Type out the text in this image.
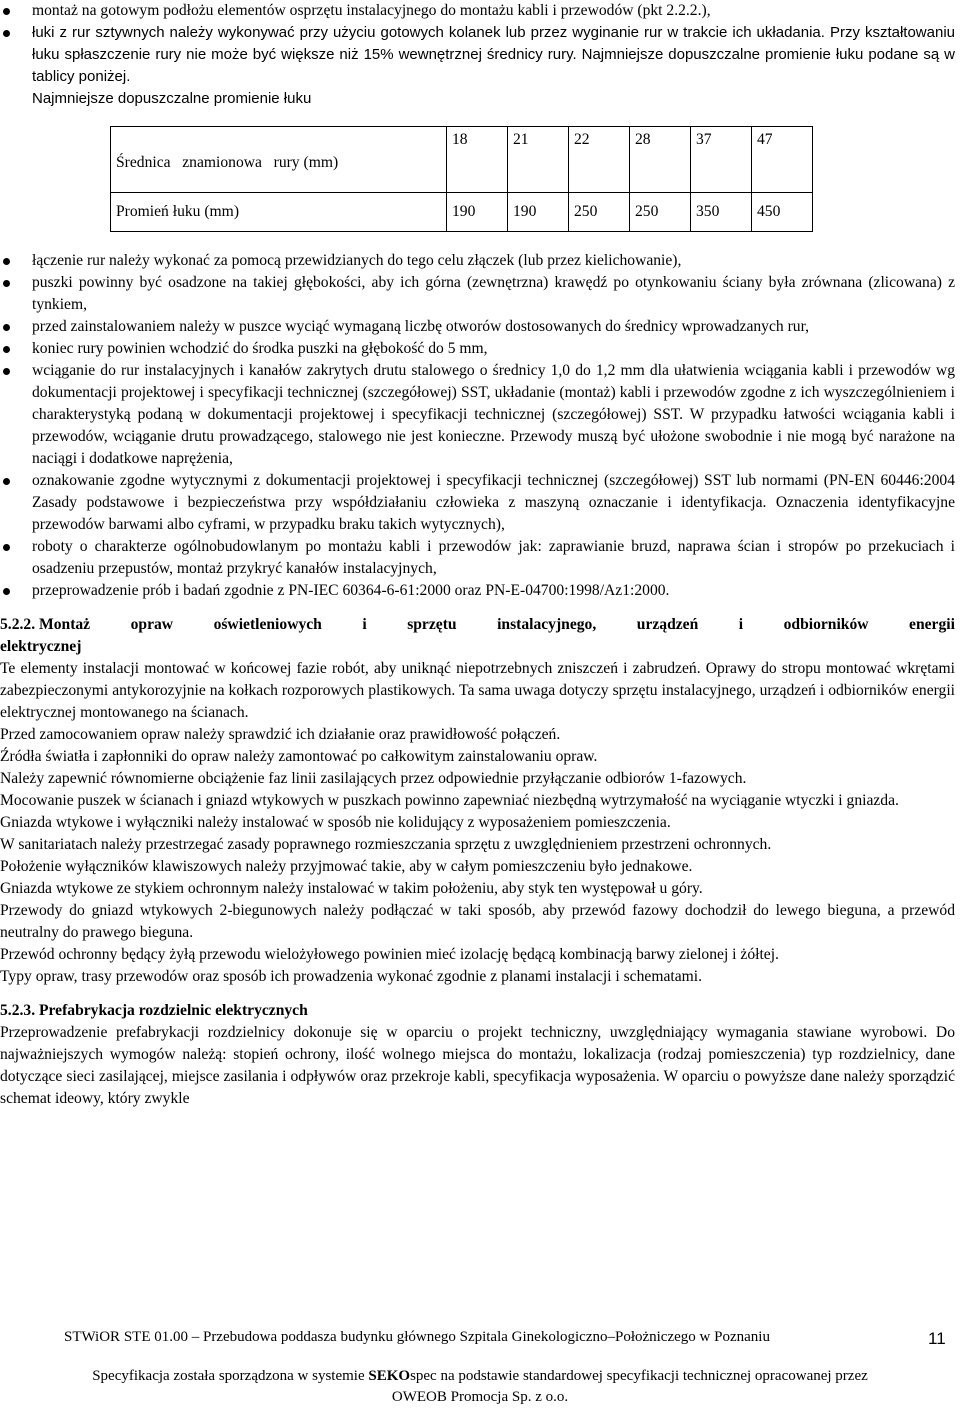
montaż na gotowym podłożu elementów osprzętu instalacyjnego do montażu kabli i przewodów (pkt 2.2.2.),
łuki z rur sztywnych należy wykonywać przy użyciu gotowych kolanek lub przez wyginanie rur w trakcie ich układania. Przy kształtowaniu łuku spłaszczenie rury nie może być większe niż 15% wewnętrznej średnicy rury. Najmniejsze dopuszczalne promienie łuku podane są w tablicy poniżej.
Najmniejsze dopuszczalne promienie łuku
Średnica   znamionowa   rury (mm)	18	21	22	28	37	47
Promień łuku (mm)	190	190	250	250	350	450
łączenie rur należy wykonać za pomocą przewidzianych do tego celu złączek (lub przez kielichowanie),
puszki powinny być osadzone na takiej głębokości, aby ich górna (zewnętrzna) krawędź po otynkowaniu ściany była zrównana (zlicowana) z tynkiem,
przed zainstalowaniem należy w puszce wyciąć wymaganą liczbę otworów dostosowanych do średnicy wprowadzanych rur,
koniec rury powinien wchodzić do środka puszki na głębokość do 5 mm,
wciąganie do rur instalacyjnych i kanałów zakrytych drutu stalowego o średnicy 1,0 do 1,2 mm dla ułatwienia wciągania kabli i przewodów wg dokumentacji projektowej i specyfikacji technicznej (szczegółowej) SST, układanie (montaż) kabli i przewodów zgodne z ich wyszczególnieniem i charakterystyką podaną w dokumentacji projektowej i specyfikacji technicznej (szczegółowej) SST. W przypadku łatwości wciągania kabli i przewodów, wciąganie drutu prowadzącego, stalowego nie jest konieczne. Przewody muszą być ułożone swobodnie i nie mogą być narażone na naciągi i dodatkowe naprężenia,
oznakowanie zgodne wytycznymi z dokumentacji projektowej i specyfikacji technicznej (szczegółowej) SST lub normami (PN-EN 60446:2004 Zasady podstawowe i bezpieczeństwa przy współdziałaniu człowieka z maszyną oznaczanie i identyfikacja. Oznaczenia identyfikacyjne przewodów barwami albo cyframi, w przypadku braku takich wytycznych),
roboty o charakterze ogólnobudowlanym po montażu kabli i przewodów jak: zaprawianie bruzd, naprawa ścian i stropów po przekuciach i osadzeniu przepustów, montaż przykryć kanałów instalacyjnych,
przeprowadzenie prób i badań zgodnie z PN-IEC 60364-6-61:2000 oraz PN-E-04700:1998/Az1:2000.
5.2.2. Montaż	opraw	oświetleniowych	i	sprzętu	instalacyjnego,	urządzeń	i	odbiorników	energii
elektrycznej

Te elementy instalacji montować w końcowej fazie robót, aby uniknąć niepotrzebnych zniszczeń i zabrudzeń. Oprawy do stropu montować wkrętami zabezpieczonymi antykorozyjnie na kołkach rozporowych plastikowych. Ta sama uwaga dotyczy sprzętu instalacyjnego, urządzeń i odbiorników energii elektrycznej montowanego na ścianach.

Przed zamocowaniem opraw należy sprawdzić ich działanie oraz prawidłowość połączeń.

Źródła światła i zapłonniki do opraw należy zamontować po całkowitym zainstalowaniu opraw.

Należy zapewnić równomierne obciążenie faz linii zasilających przez odpowiednie przyłączanie odbiorów 1-fazowych.

Mocowanie puszek w ścianach i gniazd wtykowych w puszkach powinno zapewniać niezbędną wytrzymałość na wyciąganie wtyczki i gniazda.

Gniazda wtykowe i wyłączniki należy instalować w sposób nie kolidujący z wyposażeniem pomieszczenia.

W sanitariatach należy przestrzegać zasady poprawnego rozmieszczania sprzętu z uwzględnieniem przestrzeni ochronnych.

Położenie wyłączników klawiszowych należy przyjmować takie, aby w całym pomieszczeniu było jednakowe.

Gniazda wtykowe ze stykiem ochronnym należy instalować w takim położeniu, aby styk ten występował u góry.

Przewody do gniazd wtykowych 2-biegunowych należy podłączać w taki sposób, aby przewód fazowy dochodził do lewego bieguna, a przewód neutralny do prawego bieguna.

Przewód ochronny będący żyłą przewodu wielożyłowego powinien mieć izolację będącą kombinacją barwy zielonej i żółtej.

Typy opraw, trasy przewodów oraz sposób ich prowadzenia wykonać zgodnie z planami instalacji i schematami.

5.2.3. Prefabrykacja rozdzielnic elektrycznych

Przeprowadzenie prefabrykacji rozdzielnicy dokonuje się w oparciu o projekt techniczny, uwzględniający wymagania stawiane wyrobowi. Do najważniejszych wymogów należą: stopień ochrony, ilość wolnego miejsca do montażu, lokalizacja (rodzaj pomieszczenia) typ rozdzielnicy, dane dotyczące sieci zasilającej, miejsce zasilania i odpływów oraz przekroje kabli, specyfikacja wyposażenia. W oparciu o powyższe dane należy sporządzić schemat ideowy, który zwykle

STWiOR STE 01.00 – Przebudowa poddasza budynku głównego Szpitala Ginekologiczno–Położniczego w Poznaniu	11
Specyfikacja została sporządzona w systemie SEKOspec na podstawie standardowej specyfikacji technicznej opracowanej przez
OWEOB Promocja Sp. z o.o.
